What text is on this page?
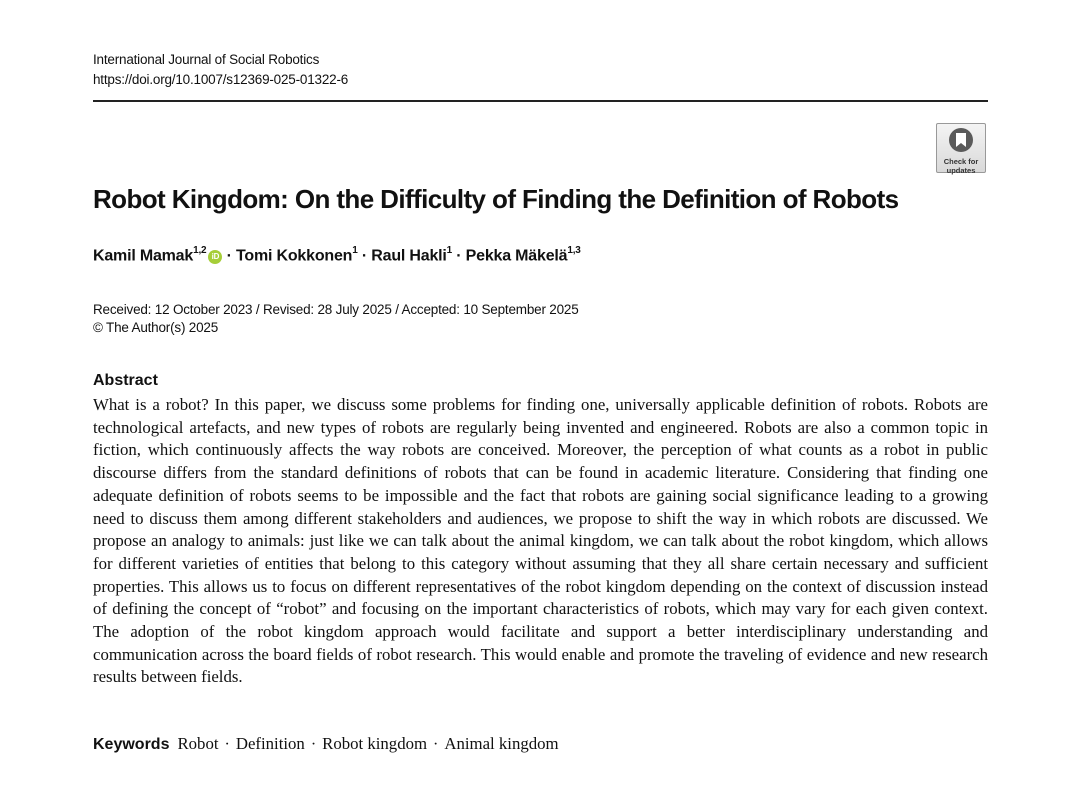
International Journal of Social Robotics
https://doi.org/10.1007/s12369-025-01322-6
Check for
updates
Robot Kingdom: On the Difficulty of Finding the Definition of Robots
Kamil Mamak$^{1,2}$iD · Tomi Kokkonen$^1$ · Raul Hakli$^1$ · Pekka Mäkelä$^{1,3}$
Received: 12 October 2023 / Revised: 28 July 2025 / Accepted: 10 September 2025
© The Author(s) 2025
Abstract
What is a robot? In this paper, we discuss some problems for finding one, universally applicable definition of robots. Robots are technological artefacts, and new types of robots are regularly being invented and engineered. Robots are also a common topic in fiction, which continuously affects the way robots are conceived. Moreover, the perception of what counts as a robot in public discourse differs from the standard definitions of robots that can be found in academic literature. Considering that finding one adequate definition of robots seems to be impossible and the fact that robots are gaining social significance leading to a growing need to discuss them among different stakeholders and audiences, we propose to shift the way in which robots are discussed. We propose an analogy to animals: just like we can talk about the animal kingdom, we can talk about the robot kingdom, which allows for different varieties of entities that belong to this category without assuming that they all share certain necessary and sufficient properties. This allows us to focus on different representatives of the robot kingdom depending on the context of discussion instead of defining the concept of “robot” and focusing on the important characteristics of robots, which may vary for each given context. The adoption of the robot kingdom approach would facilitate and support a better interdisciplinary understanding and communication across the board fields of robot research. This would enable and promote the traveling of evidence and new research results between fields.
Keywords Robot · Definition · Robot kingdom · Animal kingdom
